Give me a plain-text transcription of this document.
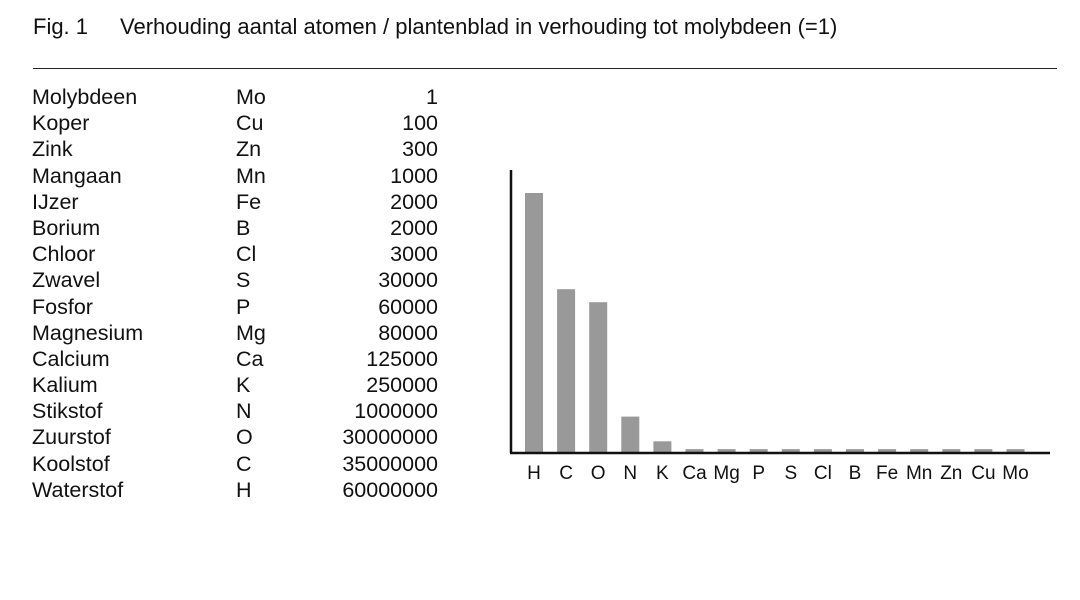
Fig. 1 Verhouding aantal atomen / plantenblad in verhouding tot molybdeen (=1)
Molybdeen	Mo	1
Koper	Cu	100
Zink	Zn	300
Mangaan	Mn	1000
IJzer	Fe	2000
Borium	B	2000
Chloor	Cl	3000
Zwavel	S	30000
Fosfor	P	60000
Magnesium	Mg	80000
Calcium	Ca	125000
Kalium	K	250000
Stikstof	N	1000000
Zuurstof	O	30000000
Koolstof	C	35000000
Waterstof	H	60000000
H C O N K Ca Mg P S Cl B Fe Mn Zn Cu Mo
